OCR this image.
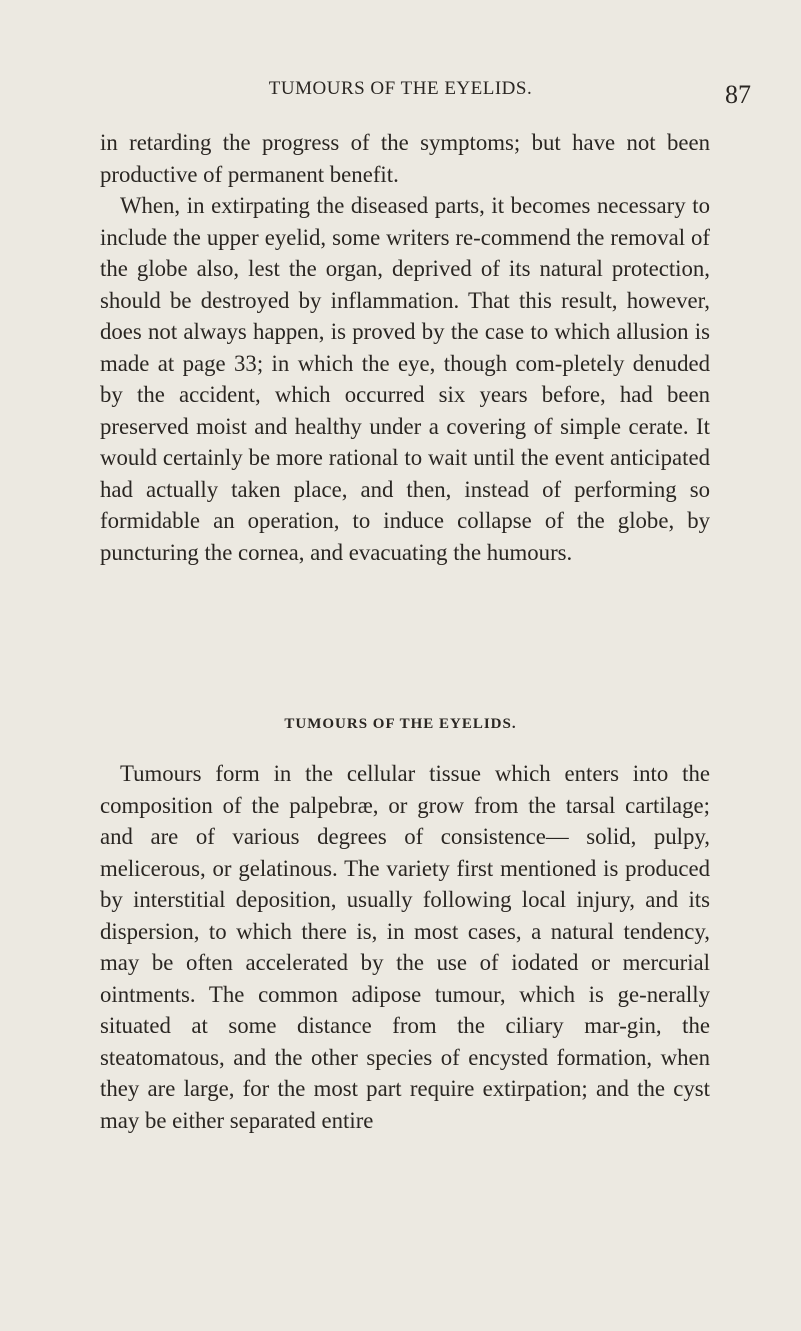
TUMOURS OF THE EYELIDS.	87

in retarding the progress of the symptoms; but have not been productive of permanent benefit.

When, in extirpating the diseased parts, it becomes necessary to include the upper eyelid, some writers re-commend the removal of the globe also, lest the organ, deprived of its natural protection, should be destroyed by inflammation. That this result, however, does not always happen, is proved by the case to which allusion is made at page 33; in which the eye, though com-pletely denuded by the accident, which occurred six years before, had been preserved moist and healthy under a covering of simple cerate. It would certainly be more rational to wait until the event anticipated had actually taken place, and then, instead of performing so formidable an operation, to induce collapse of the globe, by puncturing the cornea, and evacuating the humours.

TUMOURS OF THE EYELIDS.

Tumours form in the cellular tissue which enters into the composition of the palpebræ, or grow from the tarsal cartilage; and are of various degrees of consistence— solid, pulpy, melicerous, or gelatinous. The variety first mentioned is produced by interstitial deposition, usually following local injury, and its dispersion, to which there is, in most cases, a natural tendency, may be often accelerated by the use of iodated or mercurial ointments. The common adipose tumour, which is ge-nerally situated at some distance from the ciliary mar-gin, the steatomatous, and the other species of encysted formation, when they are large, for the most part require extirpation; and the cyst may be either separated entire
